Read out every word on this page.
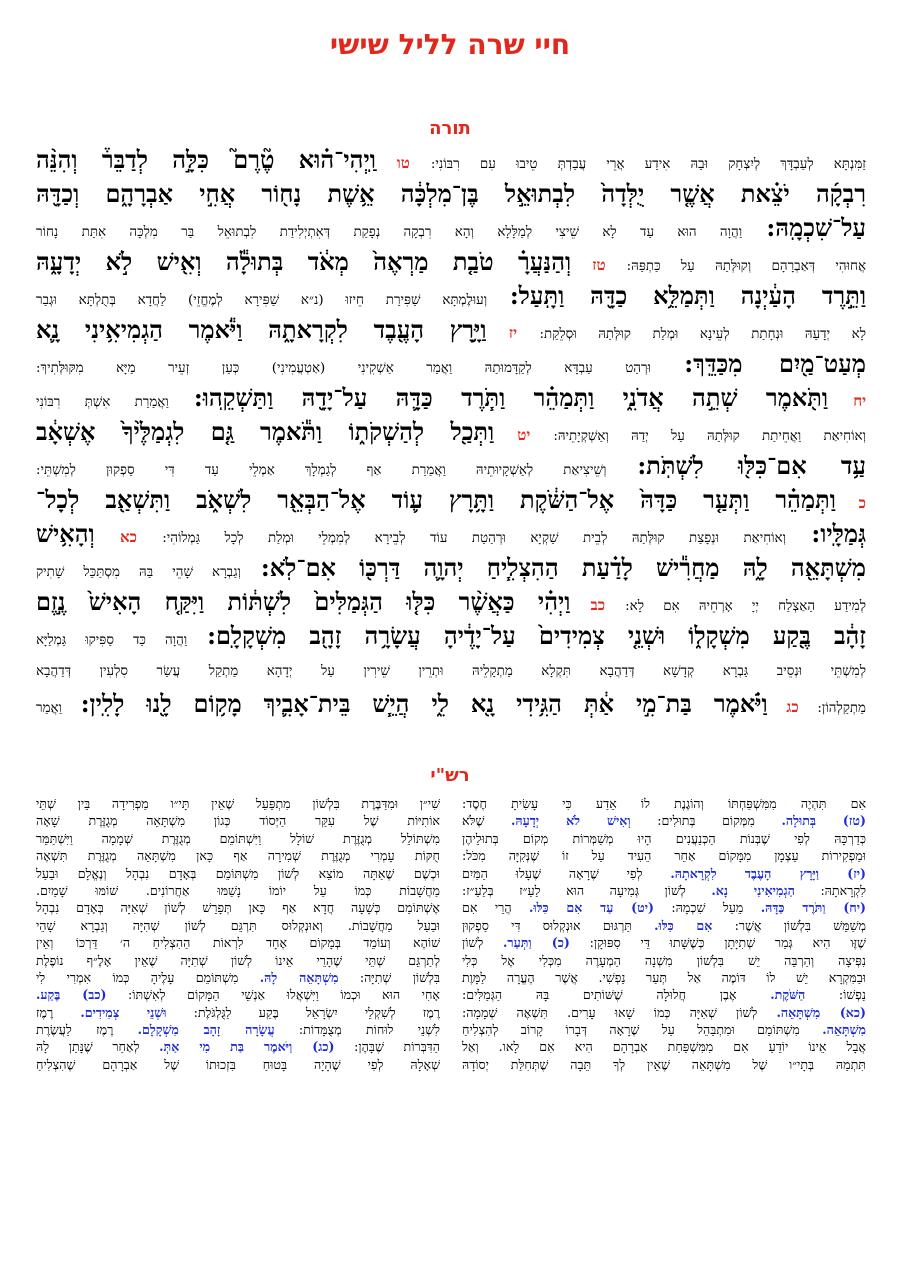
חיי שרה לליל שישי
תורה
זַמִּנְתָּא לְעַבְדָּךְ לְיִצְחָק וּבַהּ אִידַע אֲרֵי עֲבַדְתְּ טֵיבוּ עִם רִבּוֹנִי: טו וַֽיְהִי־ה֗וּא טֶ֘רֶם֮ כִּלָּ֣ה לְדַבֵּר֒ וְהִנֵּ֨ה
רִבְקָ֜ה יֹצֵ֗את אֲשֶׁ֤ר יֻלְּדָה֙ לִבְתוּאֵ֣ל בֶּן־מִלְכָּ֔ה אֵ֥שֶׁת נָח֖וֹר אֲחִ֣י אַבְרָהָ֑ם וְכַדָּ֖הּ
עַל־שִׁכְמָֽהּ: וַהֲוָה הוּא עַד לָא שֵׁיצִי לְמַלָּלָא וְהָא רִבְקָה נְפָקַת דְּאִתְיְלִידַת לִבְתוּאֵל בַּר מִלְכָּה אִתַּת נָחוֹר
אֲחוּהִי דְּאַבְרָהָם וְקוּלְּתַהּ עַל כַּתְפַּהּ: טז וְהַנַּעֲרָ֗ טֹבַ֤ת מַרְאֶה֙ מְאֹ֔ד בְּתוּלָ֕ה וְאִ֖ישׁ לֹ֣א יְדָעָ֑הּ
וַתֵּ֣רֶד הָעַ֔יְנָה וַתְּמַלֵּ֥א כַדָּ֖הּ וַתָּֽעַל: וְעוּלֶמְתָּא שַׁפִּירַת חֵיזוּ (נ״א שַׁפִּירָא לְמֶחֱזֵי) לַחֲדָא בְּתֻלְתָּא וּגְבַר
לָא יְדָעַהּ וּנְחָתַת לְעֵינָא וּמְלַת קוּלְּתַהּ וּסְלֵקַת: יז וַיָּ֥רָץ הָעֶ֖בֶד לִקְרָאתָ֑הּ וַיֹּ֕אמֶר הַגְמִיאִ֥ינִי נָ֛א
מְעַט־מַ֖יִם מִכַּדֵּֽךְ: וּרְהַט עַבְדָּא לְקַדָּמוּתַהּ וַאֲמַר אַשְׁקִינִי (אַטְעֲמִינִי) כְּעַן זְעֵיר מַיָּא מִקּוּלְּתִיךְ:
יח וַתֹּ֖אמֶר שְׁתֵ֣ה אֲדֹנִ֑י וַתְּמַהֵ֗ר וַתֹּ֧רֶד כַּדָּ֛הּ עַל־יָדָ֖הּ וַתַּשְׁקֵֽהוּ: וַאֲמַרַת אִשְׁתְּ רִבּוֹנִי
וְאוֹחִיאַת וַאֲחֵיתַת קוּלְּתַהּ עַל יְדַהּ וְאַשְׁקְיָתֵיהּ: יט וַתְּכַ֖ל לְהַשְׁקֹת֑וֹ וַתֹּ֕אמֶר גַּ֤ם לִגְמַלֶּ֙יךָ֙ אֶשְׁאָ֔ב
עַ֥ד אִם־כִּלּ֖וּ לִשְׁתֹּֽת: וְשֵׁיצִיאַת לְאַשְׁקָיוּתֵיהּ וַאֲמַרַת אַף לְגַמְלָךְ אַמְלֵי עַד דִּי סַפְקוּן לְמִשְׁתֵּי:
כ וַתְּמַהֵ֗ר וַתְּעַ֤ר כַּדָּהּ֙ אֶל־הַשֹּׁ֔קֶת וַתָּ֥רָץ ע֛וֹד אֶל־הַבְּאֵ֖ר לִשְׁאֹ֑ב וַתִּשְׁאַ֖ב לְכָל־
גְּמַלָּֽיו: וְאוֹחִיאַת וּנְפָצַת קוּלְּתַהּ לְבֵית שַׁקְיָא וּרְהַטַת עוֹד לְבֵירָא לְמִמְלֵי וּמְלַת לְכָל גַּמְלוֹהִי: כא וְהָאִ֥ישׁ
מִשְׁתָּאֵ֖ה לָ֑הּ מַחֲרִ֕ישׁ לָדַ֗עַת הַהִצְלִ֧יחַ יְהוָ֛ה דַּרְכּ֖וֹ אִם־לֹֽא: וְגַבְרָא שָׁהֵי בַּהּ מִסְתַּכַּל שָׁתִיק
לְמִידַע הַאַצְלַח יְיָ אָרְחֵיהּ אִם לָא: כב וַיְהִ֗י כַּאֲשֶׁ֨ר כִּלּ֤וּ הַגְּמַלִּים֙ לִשְׁתּ֔וֹת וַיִּקַּ֤ח הָאִישׁ֙ נֶ֣זֶם
זָהָ֔ב בֶּ֖קַע מִשְׁקָל֑וֹ וּשְׁנֵ֤י צְמִידִים֙ עַל־יָדֶ֔יהָ עֲשָׂרָ֥ה זָהָ֖ב מִשְׁקָלָֽם: וַהֲוָה כַּד סַפִּיקוּ גַּמְלַיָּא
לְמִשְׁתֵּי וּנְסֵיב גַּבְרָא קְדָשָׁא דְּדַהֲבָא תִּקְלָא מַתְקָלֵיהּ וּתְרֵין שֵׁירִין עַל יְדָהָא מַתְקַל עֲשַׂר סִלְעִין דְּדַהֲבָא
מַתְקַלְהוֹן: כג וַיֹּ֗אמֶר בַּת־מִ֣י אַ֔תְּ הַגִּ֥ידִי נָ֖א לִ֑י הֲיֵ֧שׁ בֵּית־אָבִ֛יךְ מָק֥וֹם לָ֖נוּ לָלִֽין: וַאֲמַר
רש"י
אִם תִּהְיֶה מִמִּשְׁפַּחְתּוֹ וְהוֹגֶנֶת לוֹ אֵדַע כִּי עָשִׂיתָ חֶסֶד:
(טז) בְּתוּלָה. מִמְּקוֹם בְּתוּלִים: וְאִישׁ לֹא יְדָעָהּ. שֶׁלֹּא
כְּדַרְכָּהּ לְפִי שֶׁבְּנוֹת הַכְּנַעֲנִים הָיוּ מְשַׁמְּרוֹת מְקוֹם בְּתוּלֵיהֶן
וּמַפְקִירוֹת עַצְמָן מִמָּקוֹם אַחֵר הֵעִיד עַל זוֹ שֶׁנְּקִיָּה מִכֹּל:
(יז) וַיָּרָץ הָעֶבֶד לִקְרָאתָהּ. לְפִי שֶׁרָאָה שֶׁעָלוּ הַמַּיִם
לִקְרָאתָהּ: הַגְמִיאִינִי נָא. לְשׁוֹן גְּמִיעָה הוּא לַעַ״ז בְּלַעַ״ז:
(יח) וַתֹּרֶד כַּדָּהּ. מֵעַל שִׁכְמָהּ: (יט) עַד אִם כִּלּוּ. הֲרֵי אִם
מְשַׁמֵּשׁ בִּלְשׁוֹן אֲשֶׁר: אִם כִּלּוּ. תַּרְגּוּם אוּנְקְלוּס דִּי סַפְקוּן
שֶׁזֶּו הִיא גְּמַר שְׁתִיָּתָן כְּשֶׁשָּׁתוּ דֵּי סִפּוּקָן: (כ) וַתְּעַר. לְשׁוֹן
נִפְּיצָה וְהַרְבֵּה יֵשׁ בִּלְשׁוֹן מִשְׁנָה הַמְעָרֶה מִכְּלִי אֶל כְּלִי
וּבַמִּקְרָא יֵשׁ לוֹ דּוֹמֶה אַל תְּעַר נַפְשִׁי. אֲשֶׁר הֶעֱרָה לַמָּוֶת
נַפְשׁוֹ: הַשֹּׁקֶת. אֶבֶן חֲלוּלָה שֶׁשּׁוֹתִים בָּהּ הַגְּמַלִּים:
(כא) מִשְׁתָּאֵה. לְשׁוֹן שְׁאִיָּה כְּמוֹ שָׁאוּ עָרִים. תִּשְׁאֶה שְׁמָמָה:
מִשְׁתָּאֵה. מִשְׁתּוֹמֵם וּמִתְבַּהֵל עַל שֶׁרָאָה דְּבָרוֹ קָרוֹב לְהִצְלִיחַ
אֲבָל אֵינוֹ יוֹדֵעַ אִם מִמִּשְׁפַּחַת אַבְרָהָם הִיא אִם לָאו. וְאַל
תִּתְמַהּ בְּתָי״ו שֶׁל מִשְׁתָּאֵה שֶׁאֵין לְךָ תֵּבָה שֶׁתְּחִלַּת יְסוֹדָהּ
שִׁי״ן וּמִדַּבֶּרֶת בִּלְשׁוֹן מִתְפַּעֵל שֶׁאֵין תָּי״ו מַפְרִידָה בֵּין שְׁתֵּי
אוֹתִיּוֹת שֶׁל עִקַּר הַיְּסוֹד כְּגוֹן מִשְׁתָּאֵה מְגֻזֶּרֶת שָׁאָה
מִשְׁתּוֹלֵל מְגֻזֶּרֶת שׁוֹלָל וַיִּשְׁתּוֹמֵם מְגֻזֶּרֶת שְׁמָמָה וַיִּשְׁתַּמֵּר
חֻקּוֹת עָמְרִי מְגֻזֶּרֶת שְׁמִירָה אַף כָּאן מִשְׁתָּאֵה מְגֻזֶּרֶת תִּשְׁאֶה
וּכְשֶׁם שֶׁאַתָּה מוֹצֵא לְשׁוֹן מִשְׁתּוֹמֵם בְּאָדָם נִבְהָל וְנֶאֱלָם וּבַעַל
מַחֲשָׁבוֹת כְּמוֹ עַל יוֹמוֹ נָשַׁמּוּ אַחֲרוֹנִים. שׁוֹמּוּ שָׁמַיִם.
אֶשְׁתּוֹמַם כְּשָׁעָה חֲדָא אַף כָּאן תְּפָרֵשׁ לְשׁוֹן שְׁאִיָּה בְּאָדָם נִבְהָל
וּבַעַל מַחֲשָׁבוֹת. וְאוּנְקְלוּס תִּרְגֵּם לְשׁוֹן שְׁהִיָּה וְגַבְרָא שָׁהֵי
שׁוֹהֶא וְעוֹמֵד בְּמָקוֹם אֶחָד לִרְאוֹת הַהִצְלִיחַ ה׳ דַּרְכּוֹ וְאֵין
לְתַרְגֵּם שְׁתֵּי שֶׁהָרֵי אֵינוֹ לְשׁוֹן שְׁתִיָּה שֶׁאֵין אָלֶ״ף נוֹפֶלֶת
בִּלְשׁוֹן שְׁתִיָּה: מִשְׁתָּאֵה לָהּ. מִשְׁתּוֹמֵם עָלֶיהָ כְּמוֹ אִמְרִי לִי
אָחִי הוּא וּכְמוֹ וַיִּשְׁאֲלוּ אַנְשֵׁי הַמָּקוֹם לְאִשְׁתּוֹ: (כב) בֶּקַע.
רֶמֶז לְשִׁקְלֵי יִשְׂרָאֵל בֶּקַע לַגֻּלְגֹּלֶת: וּשְׁנֵי צְמִידִים. רֶמֶז
לִשְׁנֵי לוּחוֹת מְצֻמָּדוֹת: עֲשָׂרָה זָהָב מִשְׁקָלָם. רֶמֶז לַעֲשֶׂרֶת
הַדִּבְּרוֹת שֶׁבָּהֶן: (כג) וַיֹּאמֶר בַּת מִי אַתְּ. לְאַחַר שֶׁנָּתַן לָהּ
שְׁאָלָהּ לְפִי שֶׁהָיָה בָּטוּחַ בִּזְכוּתוֹ שֶׁל אַבְרָהָם שֶׁהִצְלִיחַ
